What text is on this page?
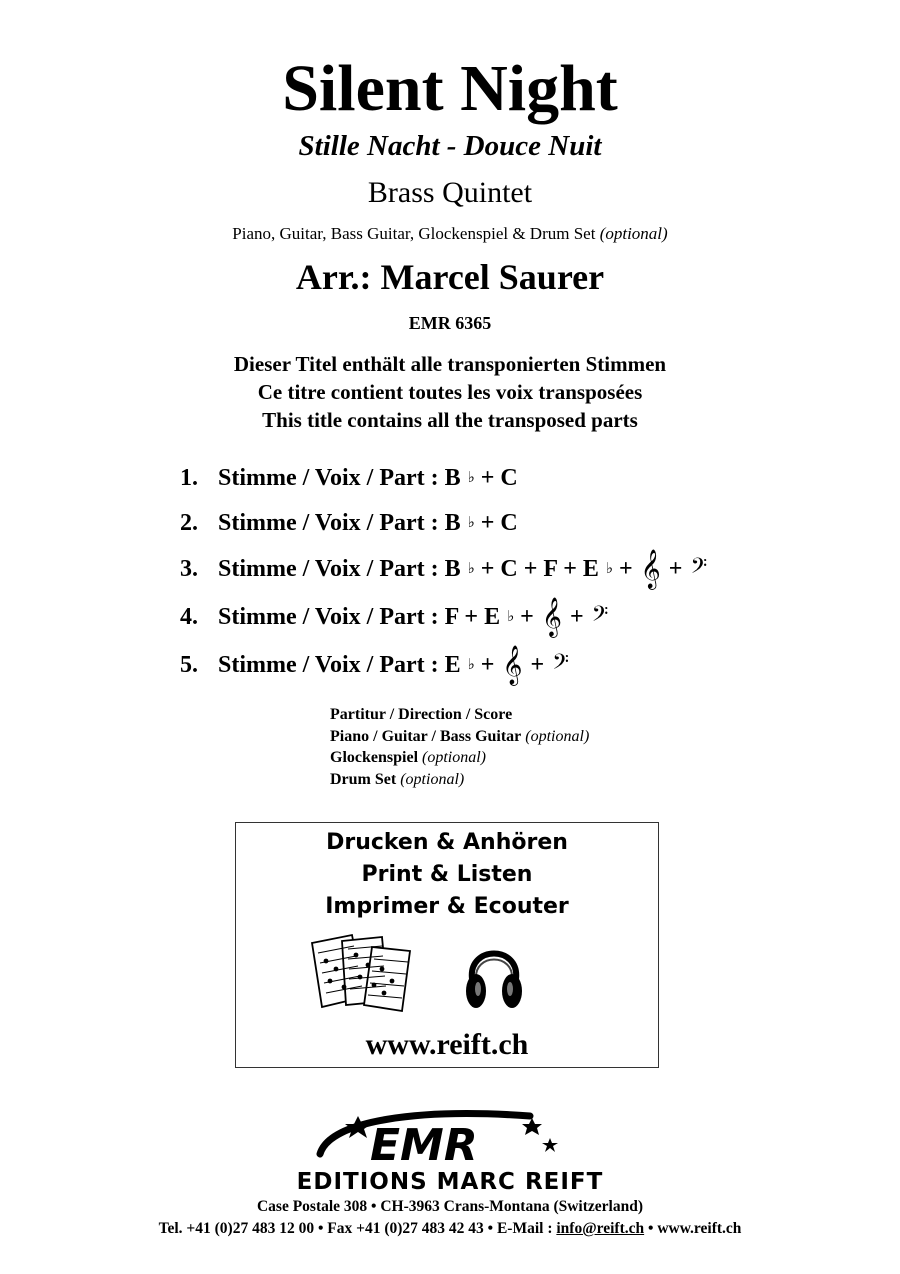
Silent Night
Stille Nacht - Douce Nuit
Brass Quintet
Piano, Guitar, Bass Guitar, Glockenspiel & Drum Set (optional)
Arr.: Marcel Saurer
EMR 6365
Dieser Titel enthält alle transponierten Stimmen
Ce titre contient toutes les voix transposées
This title contains all the transposed parts
1. Stimme / Voix / Part : B ♭ + C
2. Stimme / Voix / Part : B ♭ + C
3. Stimme / Voix / Part : B ♭ + C + F + E ♭ + 𝄞 + 𝄢
4. Stimme / Voix / Part : F + E ♭ + 𝄞 + 𝄢
5. Stimme / Voix / Part : E ♭ + 𝄞 + 𝄢
Partitur / Direction / Score
Piano / Guitar / Bass Guitar (optional)
Glockenspiel (optional)
Drum Set (optional)
Drucken & Anhören
Print & Listen
Imprimer & Ecouter
www.reift.ch
EMR
EDITIONS MARC REIFT
Case Postale 308 • CH-3963 Crans-Montana (Switzerland)
Tel. +41 (0)27 483 12 00 • Fax +41 (0)27 483 42 43 • E-Mail : info@reift.ch • www.reift.ch
